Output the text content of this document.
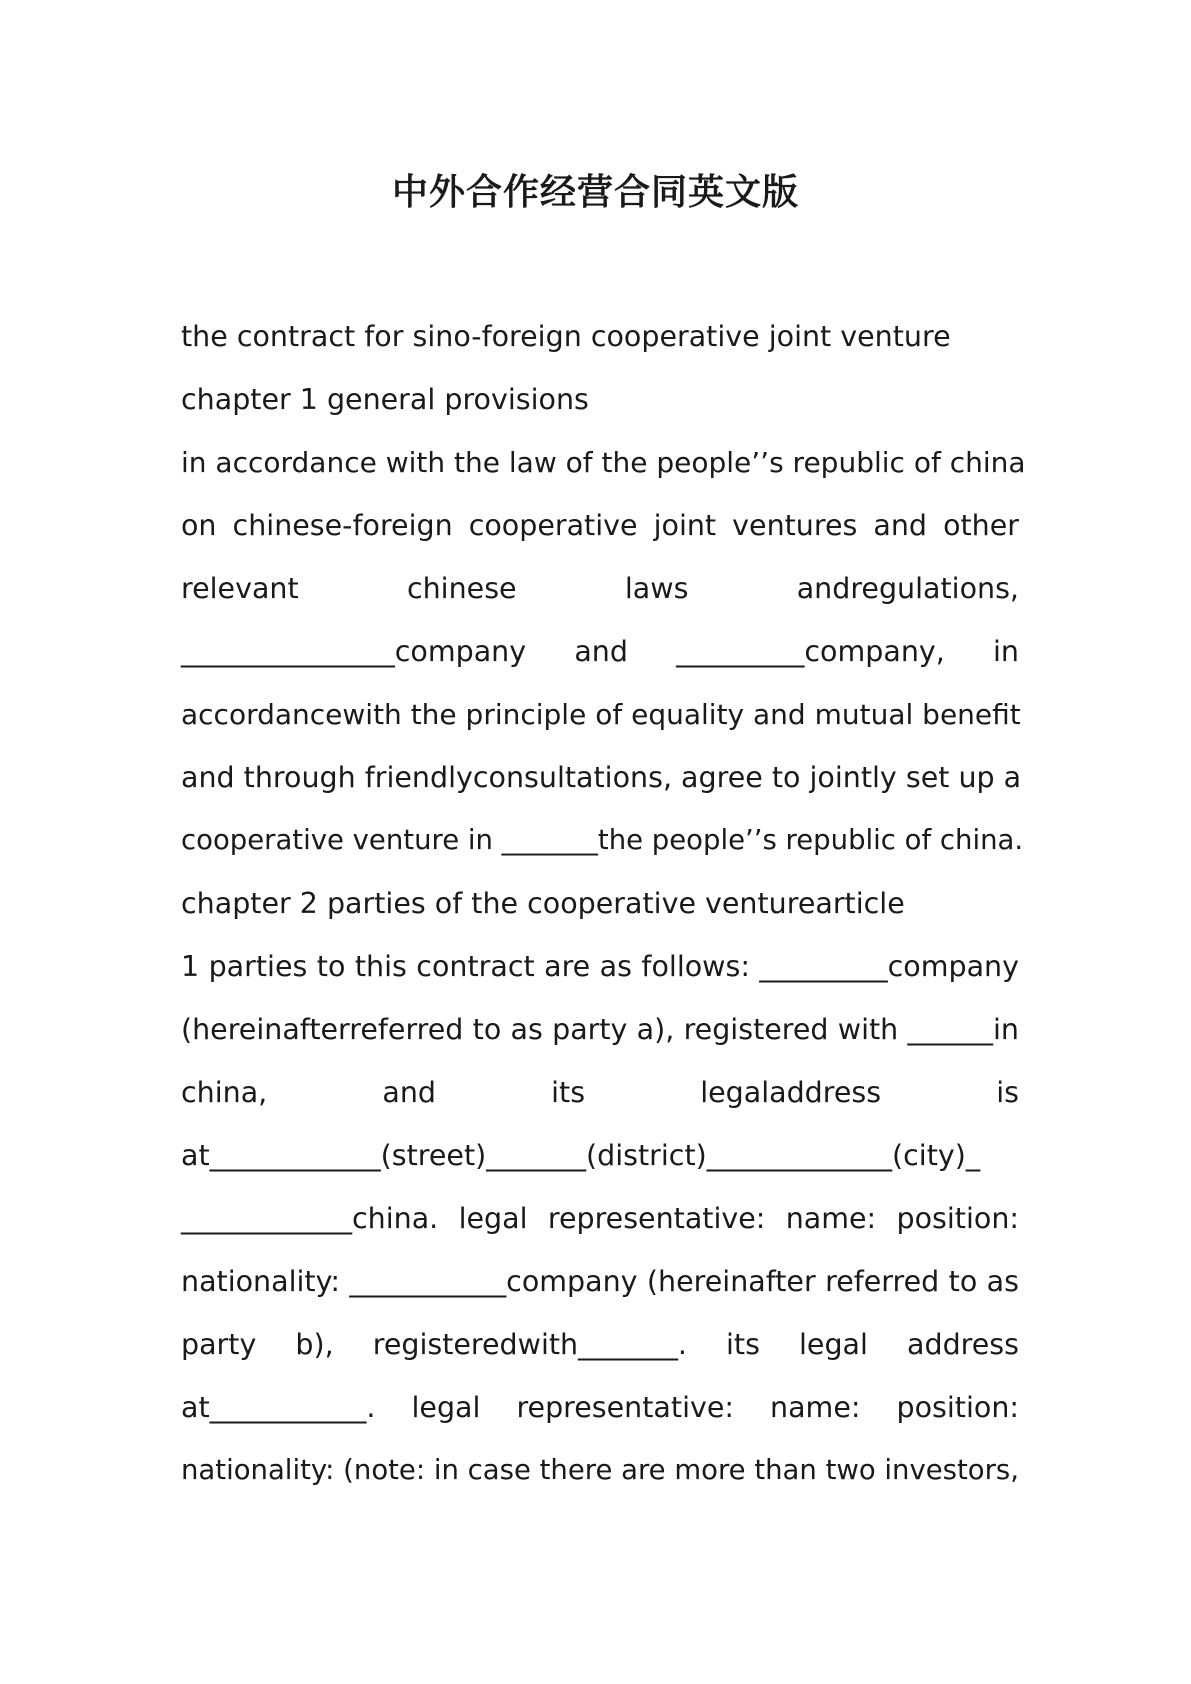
中外合作经营合同英文版
the contract for sino-foreign cooperative joint venture
chapter 1 general provisions
in accordance with the law of the people’’s republic of china
on chinese-foreign cooperative joint ventures and other
relevant chinese laws andregulations,
_______________company and _________company, in
accordancewith the principle of equality and mutual benefit
and through friendlyconsultations, agree to jointly set up a
cooperative venture in _______the people’’s republic of china.
chapter 2 parties of the cooperative venturearticle
1 parties to this contract are as follows: _________company
(hereinafterreferred to as party a), registered with ______in
china, and its legaladdress is
at____________(street)_______(district)_____________(city)_
____________china. legal representative: name: position:
nationality: ___________company (hereinafter referred to as
party b), registeredwith_______. its legal address
at___________. legal representative: name: position:
nationality: (note: in case there are more than two investors,
